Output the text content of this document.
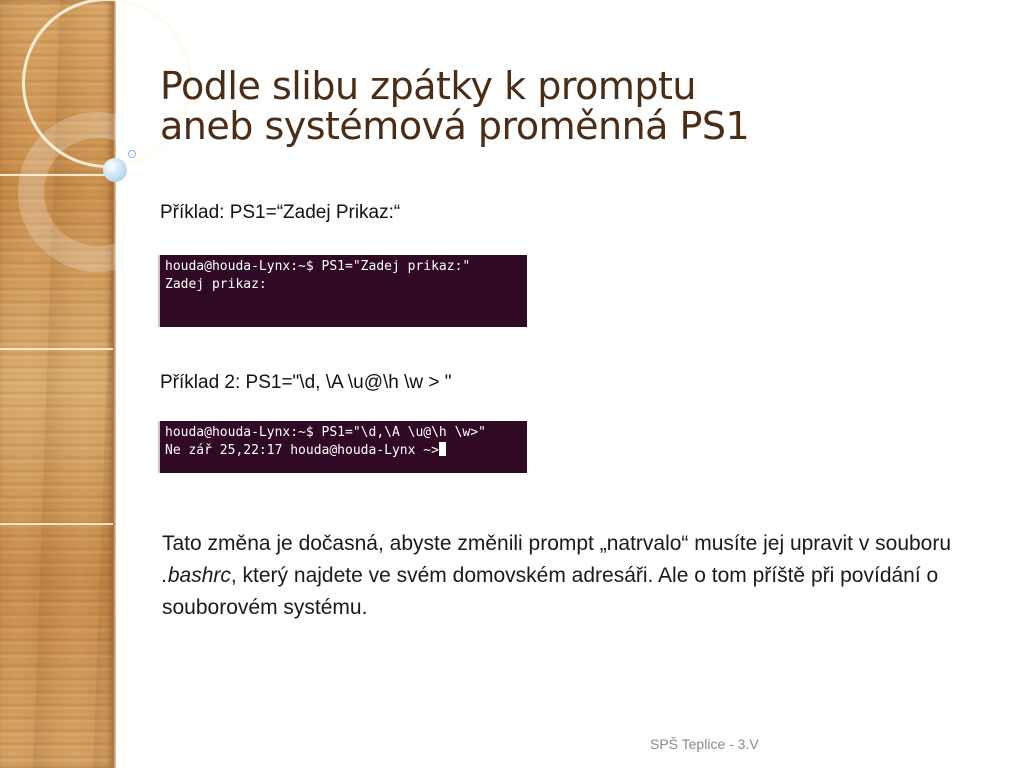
Podle slibu zpátky k promptu
aneb systémová proměnná PS1
Příklad: PS1=“Zadej Prikaz:“
houda@houda-Lynx:~$ PS1="Zadej prikaz:"
Zadej prikaz:
Příklad 2: PS1="\d, \A \u@\h \w > "
houda@houda-Lynx:~$ PS1="\d,\A \u@\h \w>"
Ne zář 25,22:17 houda@houda-Lynx ~>
Tato změna je dočasná, abyste změnili prompt „natrvalo“ musíte jej upravit v souboru .bashrc, který najdete ve svém domovském adresáři. Ale o tom příště při povídání o souborovém systému.
SPŠ Teplice - 3.V
